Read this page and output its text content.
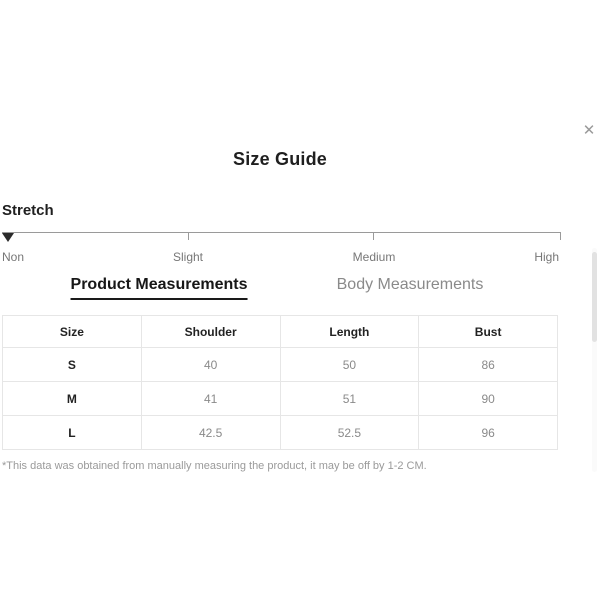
✕
Size Guide
Stretch
Non	Slight	Medium	High
Product Measurements	Body Measurements
Size	Shoulder	Length	Bust
S	40	50	86
M	41	51	90
L	42.5	52.5	96
*This data was obtained from manually measuring the product, it may be off by 1-2 CM.
